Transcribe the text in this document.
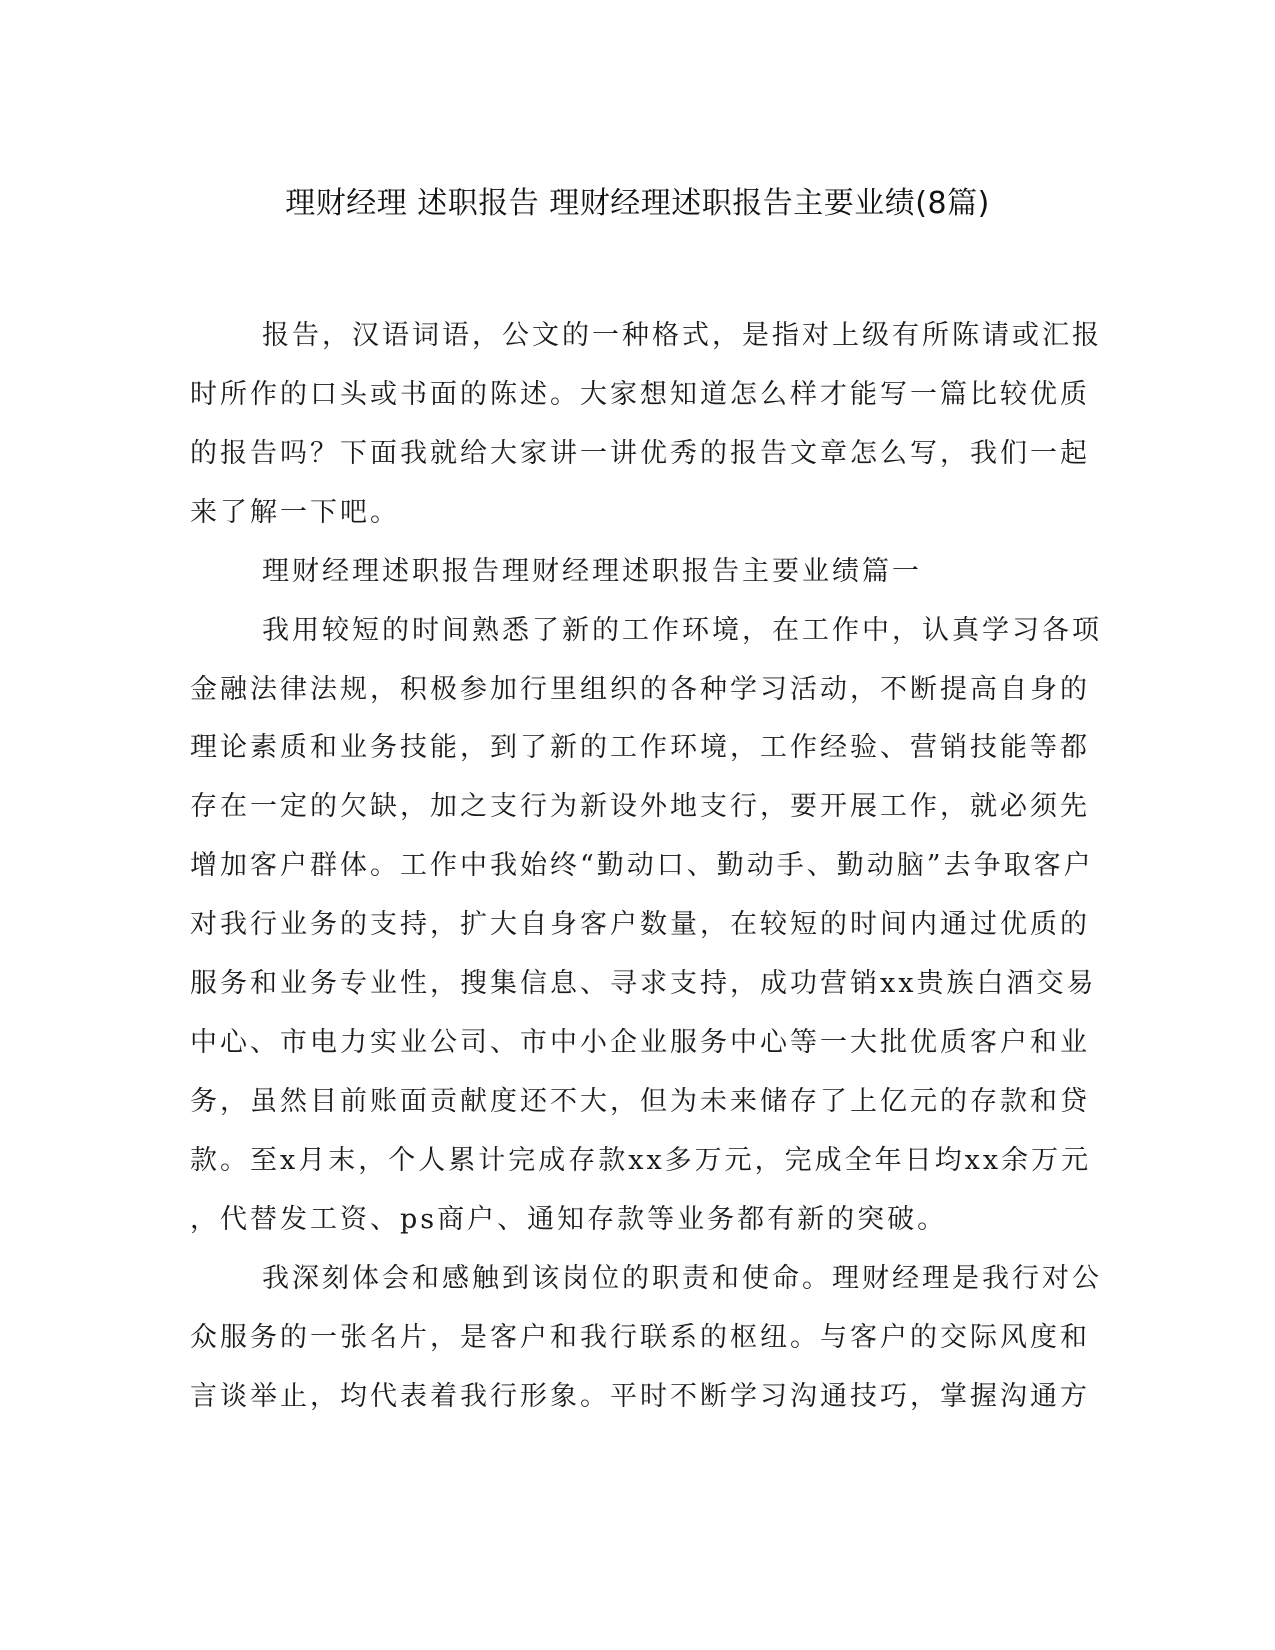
理财经理 述职报告 理财经理述职报告主要业绩(8篇)

报告，汉语词语，公文的一种格式，是指对上级有所陈请或汇报

时所作的口头或书面的陈述。大家想知道怎么样才能写一篇比较优质

的报告吗？下面我就给大家讲一讲优秀的报告文章怎么写，我们一起

来了解一下吧。

理财经理述职报告理财经理述职报告主要业绩篇一

我用较短的时间熟悉了新的工作环境，在工作中，认真学习各项

金融法律法规，积极参加行里组织的各种学习活动，不断提高自身的

理论素质和业务技能，到了新的工作环境，工作经验、营销技能等都

存在一定的欠缺，加之支行为新设外地支行，要开展工作，就必须先

增加客户群体。工作中我始终“勤动口、勤动手、勤动脑”去争取客户

对我行业务的支持，扩大自身客户数量，在较短的时间内通过优质的

服务和业务专业性，搜集信息、寻求支持，成功营销xx贵族白酒交易

中心、市电力实业公司、市中小企业服务中心等一大批优质客户和业

务，虽然目前账面贡献度还不大，但为未来储存了上亿元的存款和贷

款。至x月末，个人累计完成存款xx多万元，完成全年日均xx余万元

，代替发工资、ps商户、通知存款等业务都有新的突破。

我深刻体会和感触到该岗位的职责和使命。理财经理是我行对公

众服务的一张名片，是客户和我行联系的枢纽。与客户的交际风度和

言谈举止，均代表着我行形象。平时不断学习沟通技巧，掌握沟通方
